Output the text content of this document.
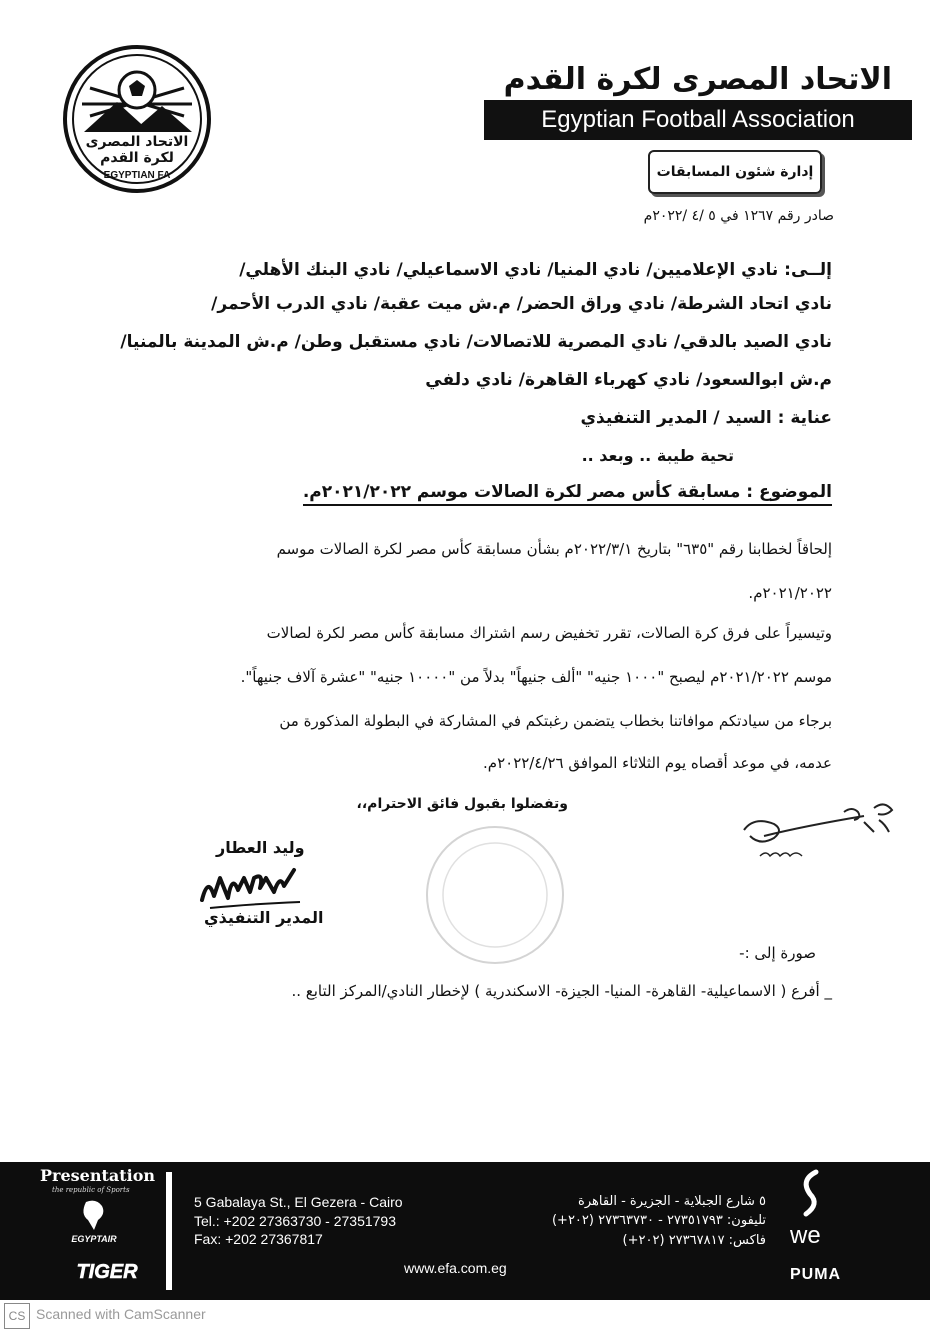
الاتحاد المصرى
لكرة القدم
EGYPTIAN FA
الاتحاد المصرى لكرة القدم
Egyptian Football Association
إدارة شئون المسابقات
صادر رقم ١٢٦٧ في ٥ /٤ /٢٠٢٢م
إلــى: نادي الإعلاميين/ نادي المنيا/ نادي الاسماعيلي/ نادي البنك الأهلي/
نادي اتحاد الشرطة/ نادي وراق الحضر/ م.ش ميت عقبة/ نادي الدرب الأحمر/
نادي الصيد بالدقي/ نادي المصرية للاتصالات/ نادي مستقبل وطن/ م.ش المدينة بالمنيا/
م.ش ابوالسعود/ نادي كهرباء القاهرة/ نادي دلفي
عناية : السيد / المدير التنفيذي
تحية طيبة .. وبعد ..
الموضوع : مسابقة كأس مصر لكرة الصالات موسم ٢٠٢١/٢٠٢٢م.
إلحاقاً لخطابنا رقم "٦٣٥" بتاريخ ٢٠٢٢/٣/١م بشأن مسابقة كأس مصر لكرة الصالات موسم
٢٠٢١/٢٠٢٢م.
وتيسيراً على فرق كرة الصالات، تقرر تخفيض رسم اشتراك مسابقة كأس مصر لكرة لصالات
موسم ٢٠٢١/٢٠٢٢م ليصبح "١٠٠٠ جنيه" "ألف جنيهاً" بدلاً من "١٠٠٠٠ جنيه" "عشرة آلاف جنيهاً".
برجاء من سيادتكم موافاتنا بخطاب يتضمن رغبتكم في المشاركة في البطولة المذكورة من
عدمه، في موعد أقصاه يوم الثلاثاء الموافق ٢٠٢٢/٤/٢٦م.
وتفضلوا بقبول فائق الاحترام،،
وليد العطار
المدير التنفيذي
صورة إلى :-
_ أفرع ( الاسماعيلية- القاهرة- المنيا- الجيزة- الاسكندرية ) لإخطار النادي/المركز التابع ..
Presentation
the republic of Sports
EGYPTAIR
TIGER
5 Gabalaya St., El Gezera - Cairo
Tel.: +202 27363730 - 27351793
Fax: +202 27367817
٥ شارع الجبلاية - الجزيرة - القاهرة
تليفون: ٢٧٣٥١٧٩٣ - ٢٧٣٦٣٧٣٠ (٢٠٢+)
فاكس: ٢٧٣٦٧٨١٧ (٢٠٢+)
www.efa.com.eg
we
PUMA
CS Scanned with CamScanner
